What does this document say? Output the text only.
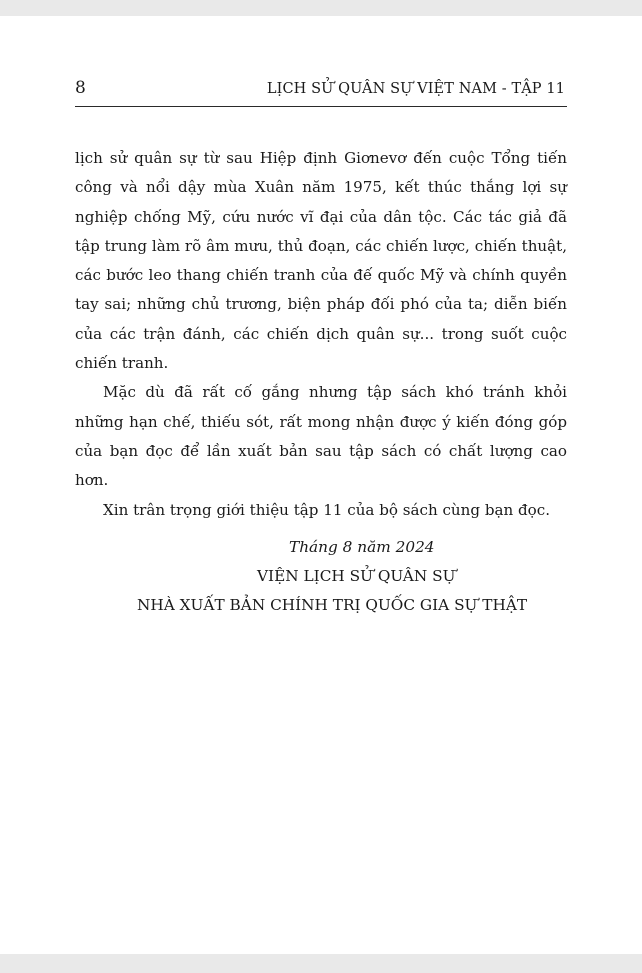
8	LỊCH SỬ QUÂN SỰ VIỆT NAM - TẬP 11

lịch sử quân sự từ sau Hiệp định Giơnevơ đến cuộc Tổng tiến công và nổi dậy mùa Xuân năm 1975, kết thúc thắng lợi sự nghiệp chống Mỹ, cứu nước vĩ đại của dân tộc. Các tác giả đã tập trung làm rõ âm mưu, thủ đoạn, các chiến lược, chiến thuật, các bước leo thang chiến tranh của đế quốc Mỹ và chính quyền tay sai; những chủ trương, biện pháp đối phó của ta; diễn biến của các trận đánh, các chiến dịch quân sự... trong suốt cuộc chiến tranh.

Mặc dù đã rất cố gắng nhưng tập sách khó tránh khỏi những hạn chế, thiếu sót, rất mong nhận được ý kiến đóng góp của bạn đọc để lần xuất bản sau tập sách có chất lượng cao hơn.

Xin trân trọng giới thiệu tập 11 của bộ sách cùng bạn đọc.

Tháng 8 năm 2024
VIỆN LỊCH SỬ QUÂN SỰ
NHÀ XUẤT BẢN CHÍNH TRỊ QUỐC GIA SỰ THẬT
